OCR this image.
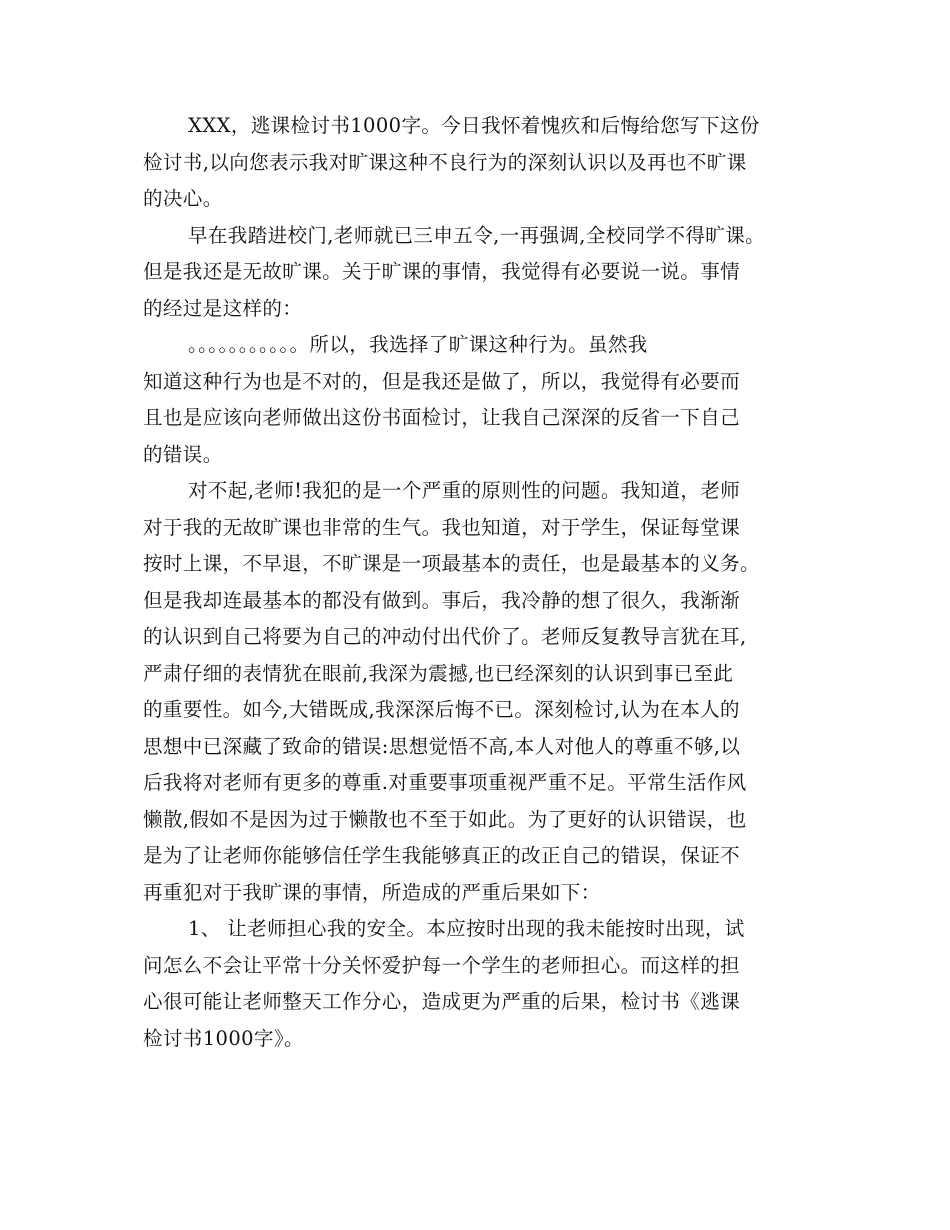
XXX，逃课检讨书1000字。今日我怀着愧疚和后悔给您写下这份
检讨书,以向您表示我对旷课这种不良行为的深刻认识以及再也不旷课
的决心。
早在我踏进校门,老师就已三申五令,一再强调,全校同学不得旷课。
但是我还是无故旷课。关于旷课的事情，我觉得有必要说一说。事情
的经过是这样的：
。。。。。。。。。。。所以，我选择了旷课这种行为。虽然我
知道这种行为也是不对的，但是我还是做了，所以，我觉得有必要而
且也是应该向老师做出这份书面检讨，让我自己深深的反省一下自己
的错误。
对不起,老师!我犯的是一个严重的原则性的问题。我知道，老师
对于我的无故旷课也非常的生气。我也知道，对于学生，保证每堂课
按时上课，不早退，不旷课是一项最基本的责任，也是最基本的义务。
但是我却连最基本的都没有做到。事后，我冷静的想了很久，我渐渐
的认识到自己将要为自己的冲动付出代价了。老师反复教导言犹在耳,
严肃仔细的表情犹在眼前,我深为震撼,也已经深刻的认识到事已至此
的重要性。如今,大错既成,我深深后悔不已。深刻检讨,认为在本人的
思想中已深藏了致命的错误:思想觉悟不高,本人对他人的尊重不够,以
后我将对老师有更多的尊重.对重要事项重视严重不足。平常生活作风
懒散,假如不是因为过于懒散也不至于如此。为了更好的认识错误，也
是为了让老师你能够信任学生我能够真正的改正自己的错误，保证不
再重犯对于我旷课的事情，所造成的严重后果如下：
1、 让老师担心我的安全。本应按时出现的我未能按时出现，试
问怎么不会让平常十分关怀爱护每一个学生的老师担心。而这样的担
心很可能让老师整天工作分心，造成更为严重的后果，检讨书《逃课
检讨书1000字》。
